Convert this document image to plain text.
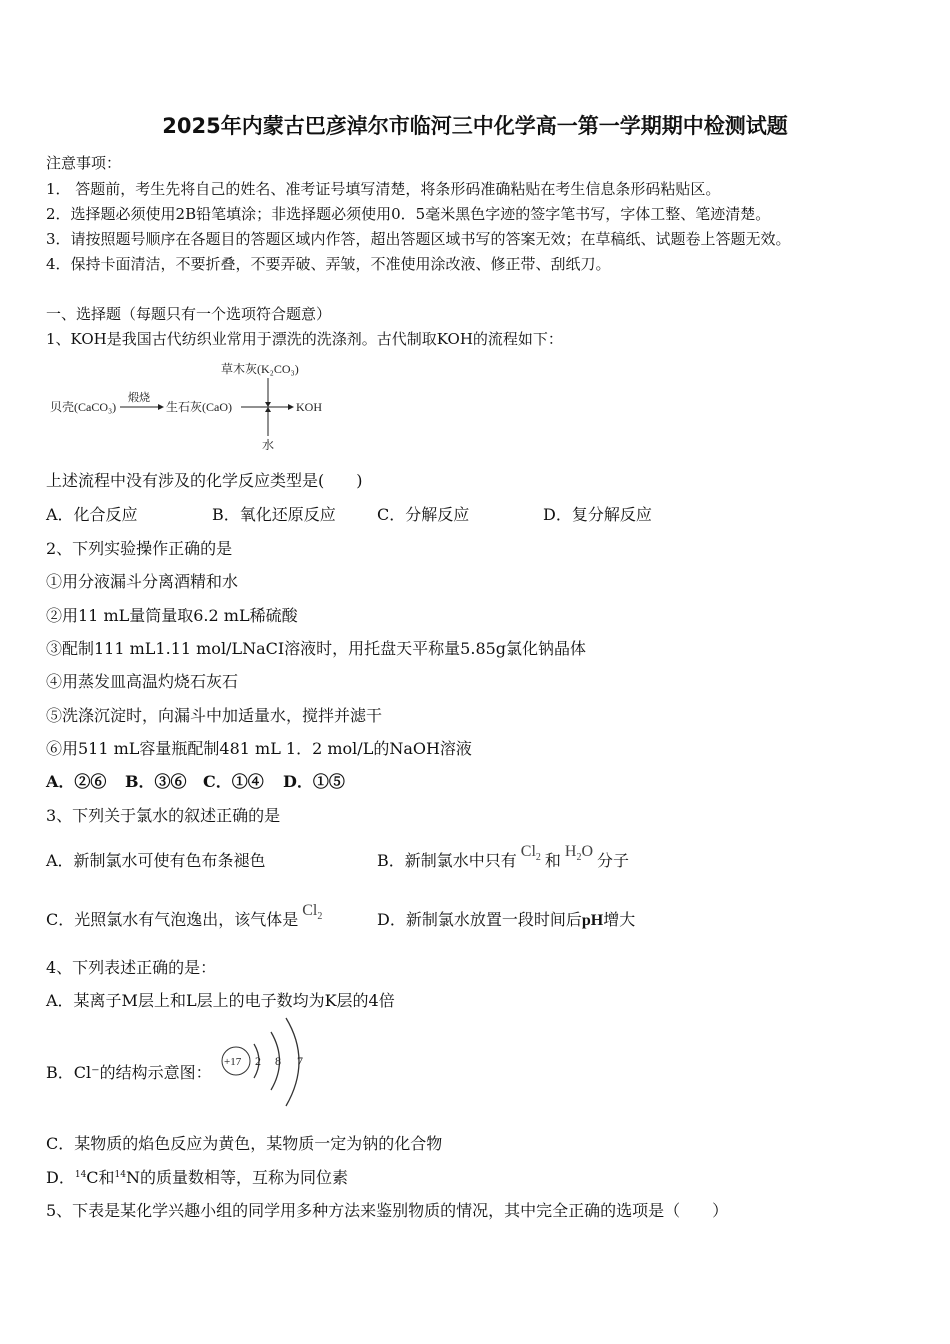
2025年内蒙古巴彦淖尔市临河三中化学高一第一学期期中检测试题
注意事项：
1． 答题前，考生先将自己的姓名、准考证号填写清楚，将条形码准确粘贴在考生信息条形码粘贴区。
2．选择题必须使用2B铅笔填涂；非选择题必须使用0．5毫米黑色字迹的签字笔书写，字体工整、笔迹清楚。
3．请按照题号顺序在各题目的答题区域内作答，超出答题区域书写的答案无效；在草稿纸、试题卷上答题无效。
4．保持卡面清洁，不要折叠，不要弄破、弄皱，不准使用涂改液、修正带、刮纸刀。
一、选择题（每题只有一个选项符合题意）
1、KOH是我国古代纺织业常用于漂洗的洗涤剂。古代制取KOH的流程如下：
贝壳(CaCO₃)
煅烧
生石灰(CaO)	KOH
草木灰(K₂CO₃)
水
上述流程中没有涉及的化学反应类型是(　　)
A．化合反应	B．氧化还原反应	C．分解反应	D．复分解反应
2、下列实验操作正确的是
①用分液漏斗分离酒精和水
②用11 mL量筒量取6.2 mL稀硫酸
③配制111 mL1.11 mol/LNaCI溶液时，用托盘天平称量5.85g氯化钠晶体
④用蒸发皿高温灼烧石灰石
⑤洗涤沉淀时，向漏斗中加适量水，搅拌并滤干
⑥用511 mL容量瓶配制481 mL 1．2 mol/L的NaOH溶液
A．②⑥ B．③⑥ C．①④ D．①⑤
3、下列关于氯水的叙述正确的是
A．新制氯水可使有色布条褪色	B．新制氯水中只有 $Cl_2$ 和 $H_2O$ 分子
C．光照氯水有气泡逸出，该气体是 $Cl_2$	D．新制氯水放置一段时间后pH增大
4、下列表述正确的是：
A．某离子M层上和L层上的电子数均为K层的4倍
B．Cl⁻的结构示意图：
+17 2 8 7
C．某物质的焰色反应为黄色，某物质一定为钠的化合物
D．$^{14}$C和$^{14}$N的质量数相等，互称为同位素
5、下表是某化学兴趣小组的同学用多种方法来鉴别物质的情况，其中完全正确的选项是（　　）
